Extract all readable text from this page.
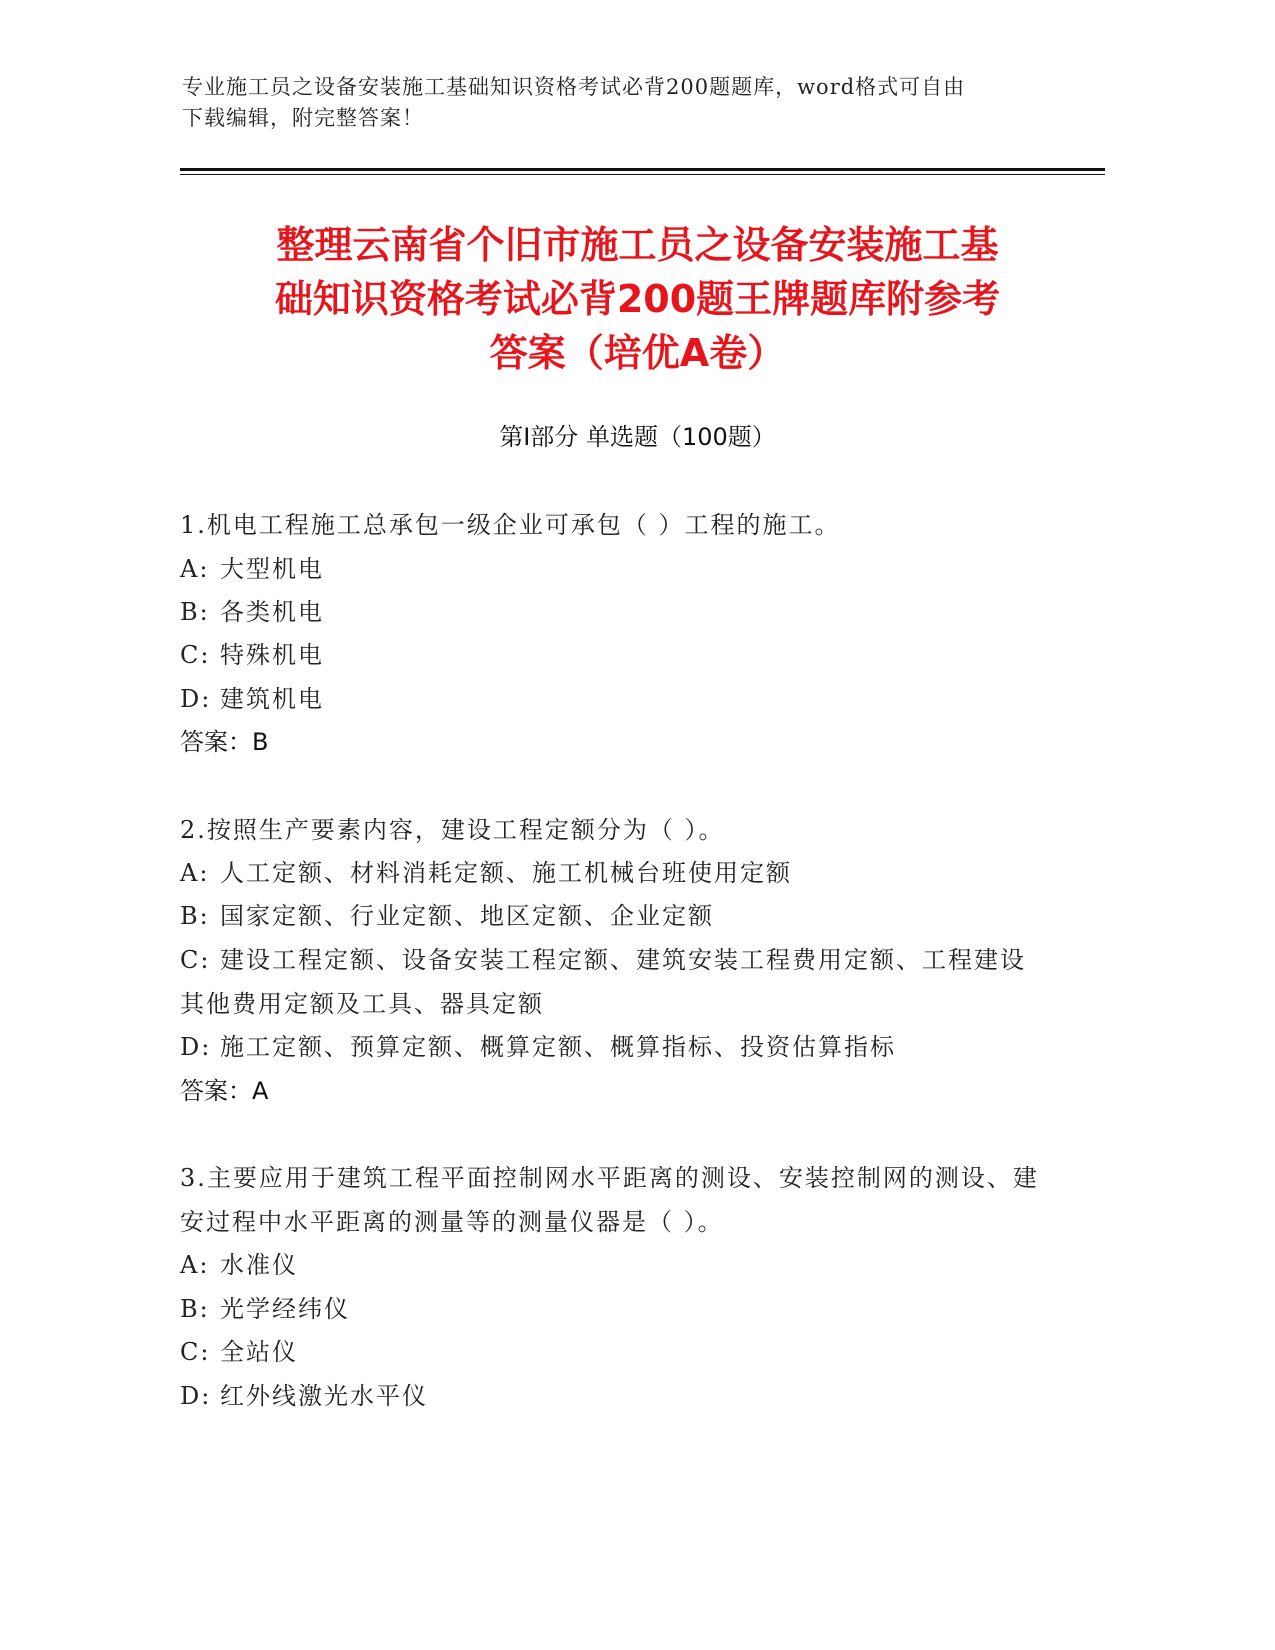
专业施工员之设备安装施工基础知识资格考试必背200题题库，word格式可自由
下载编辑，附完整答案！
整理云南省个旧市施工员之设备安装施工基
础知识资格考试必背200题王牌题库附参考
答案（培优A卷）
第Ⅰ部分 单选题（100题）
1.机电工程施工总承包一级企业可承包（ ）工程的施工。
A: 大型机电
B: 各类机电
C: 特殊机电
D: 建筑机电
答案：B
2.按照生产要素内容，建设工程定额分为（ ）。
A: 人工定额、材料消耗定额、施工机械台班使用定额
B: 国家定额、行业定额、地区定额、企业定额
C: 建设工程定额、设备安装工程定额、建筑安装工程费用定额、工程建设其他费用定额及工具、器具定额
D: 施工定额、预算定额、概算定额、概算指标、投资估算指标
答案：A
3.主要应用于建筑工程平面控制网水平距离的测设、安装控制网的测设、建安过程中水平距离的测量等的测量仪器是（ ）。
A: 水准仪
B: 光学经纬仪
C: 全站仪
D: 红外线激光水平仪
